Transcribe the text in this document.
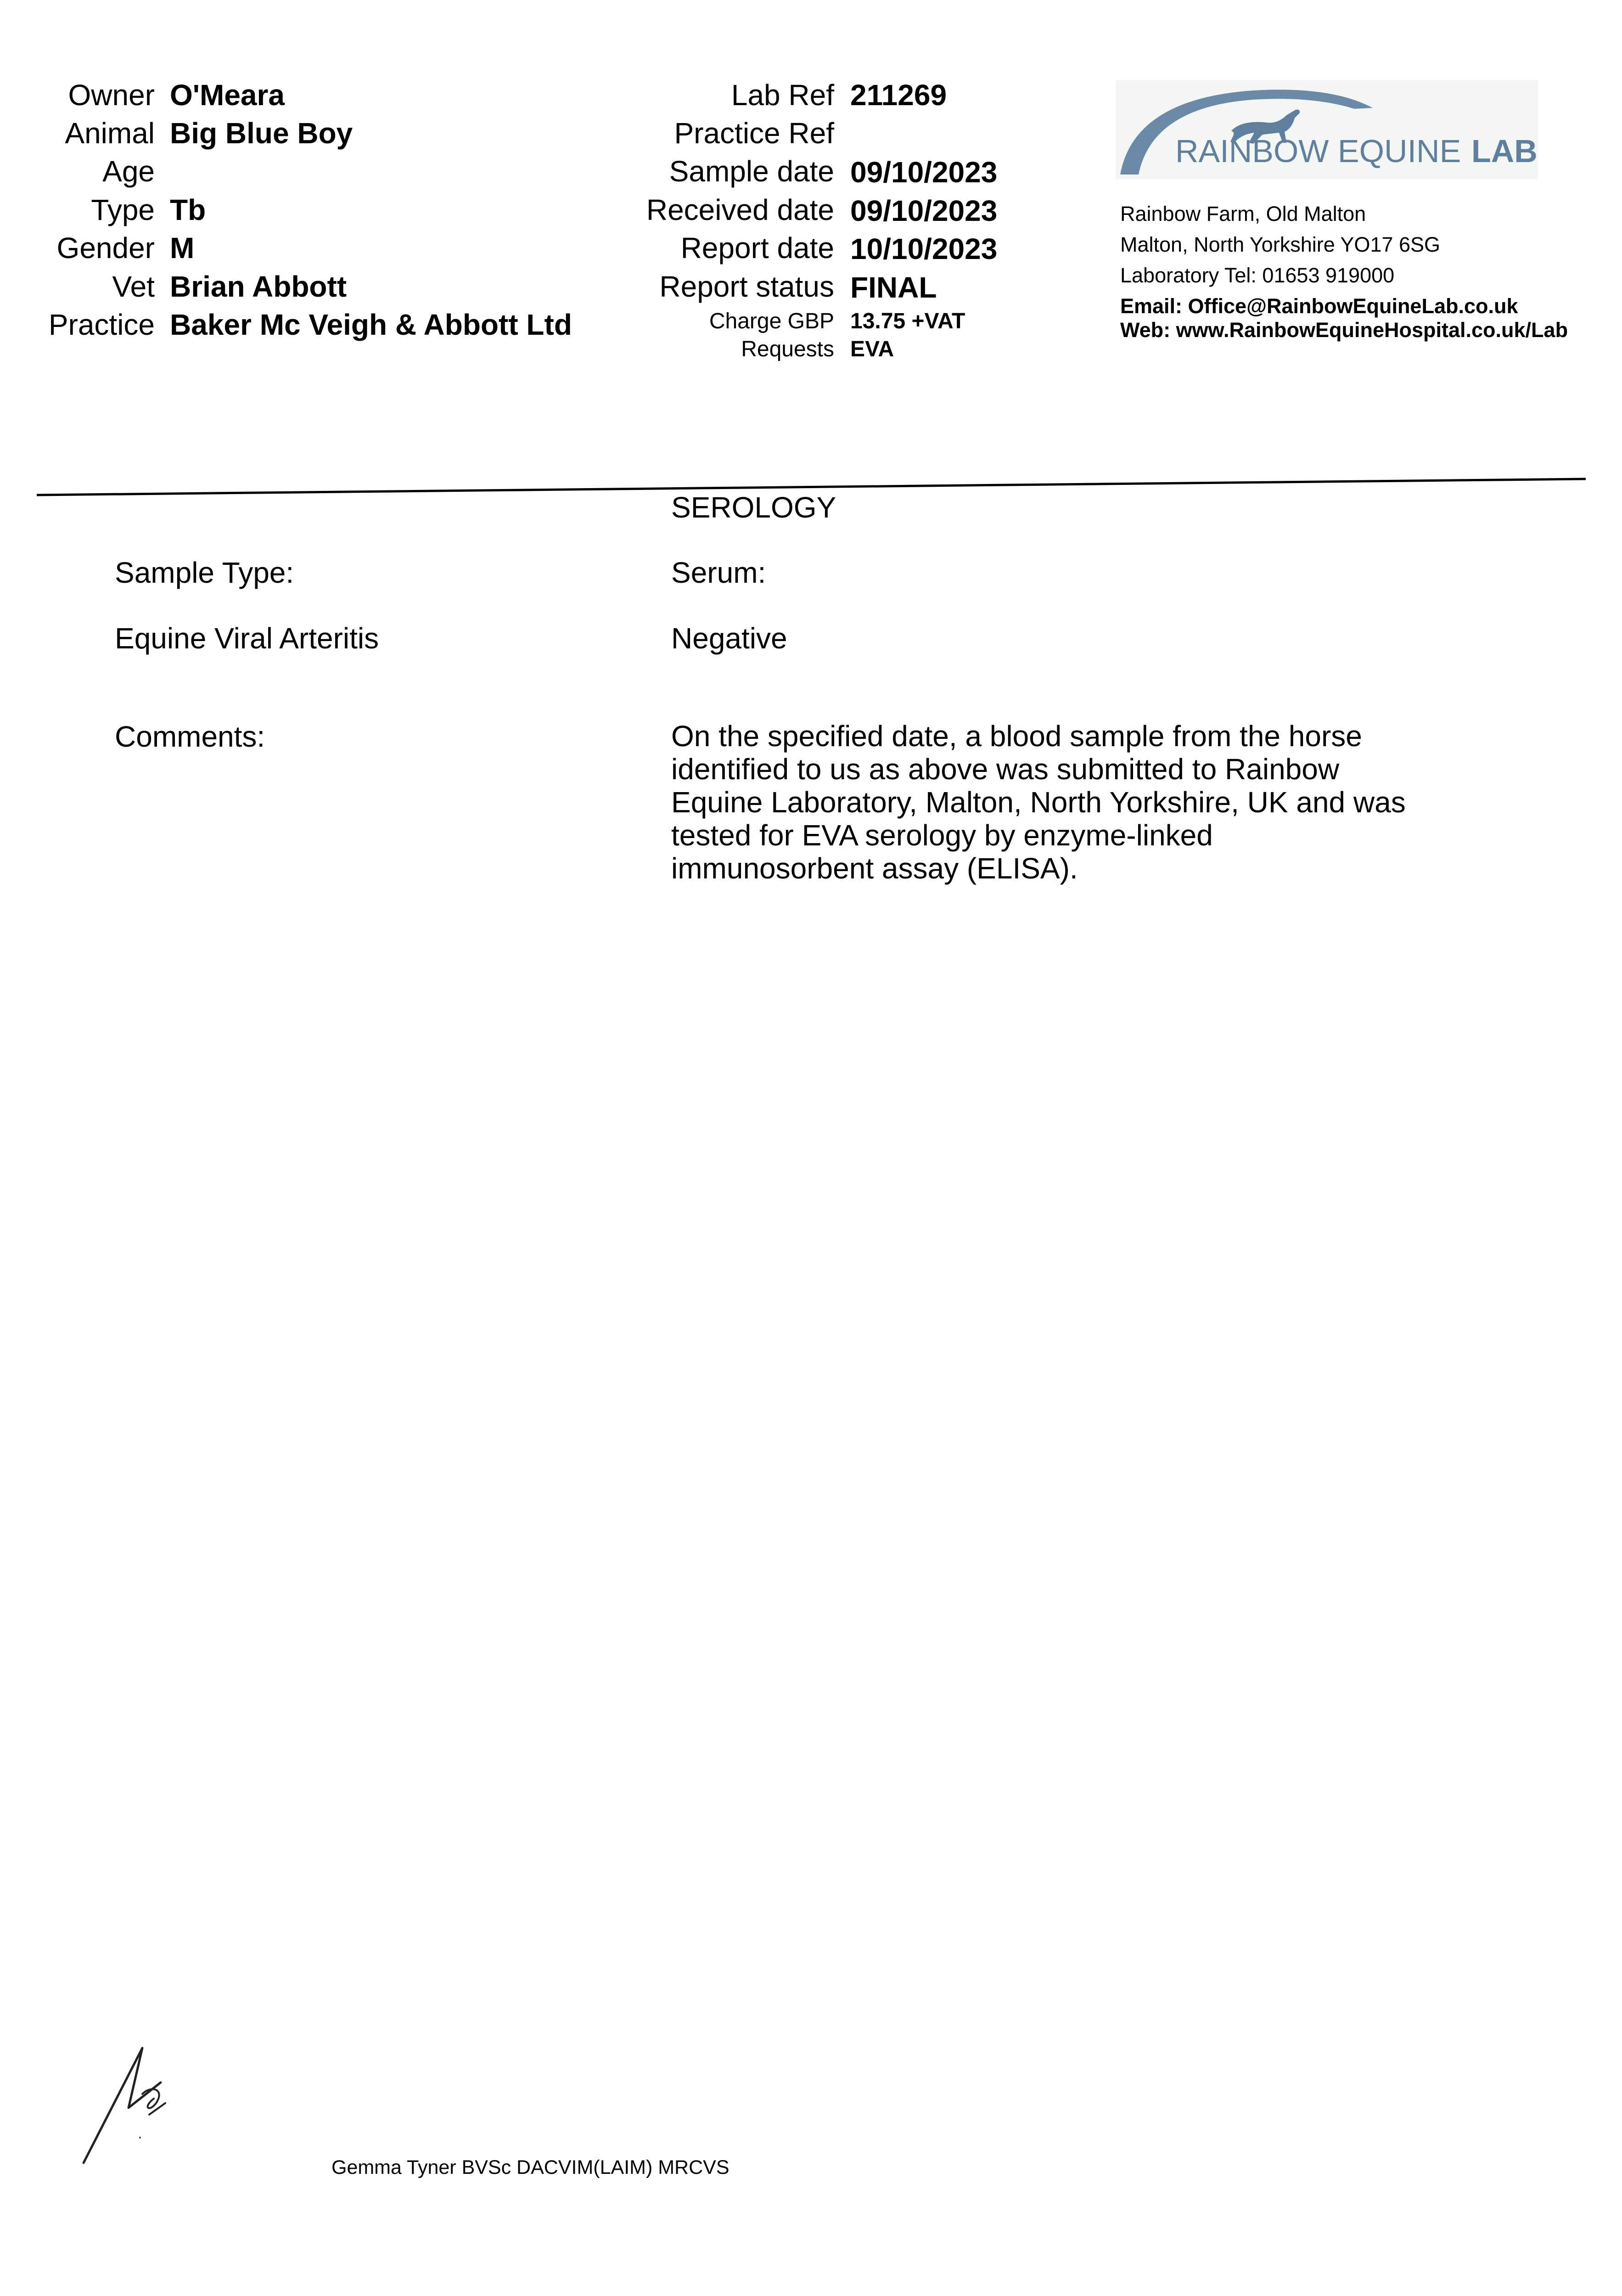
Owner O'Meara
Animal Big Blue Boy
Age
Type Tb
Gender M
Vet Brian Abbott
Practice Baker Mc Veigh & Abbott Ltd
Lab Ref 211269
Practice Ref
Sample date 09/10/2023
Received date 09/10/2023
Report date 10/10/2023
Report status FINAL
Charge GBP 13.75 +VAT
Requests EVA
RAINBOW EQUINE LAB
Rainbow Farm, Old Malton
Malton, North Yorkshire YO17 6SG
Laboratory Tel: 01653 919000
Email: Office@RainbowEquineLab.co.uk
Web: www.RainbowEquineHospital.co.uk/Lab
SEROLOGY
Sample Type:	Serum:
Equine Viral Arteritis	Negative
Comments:	On the specified date, a blood sample from the horse identified to us as above was submitted to Rainbow Equine Laboratory, Malton, North Yorkshire, UK and was tested for EVA serology by enzyme-linked immunosorbent assay (ELISA).
Gemma Tyner BVSc DACVIM(LAIM) MRCVS
